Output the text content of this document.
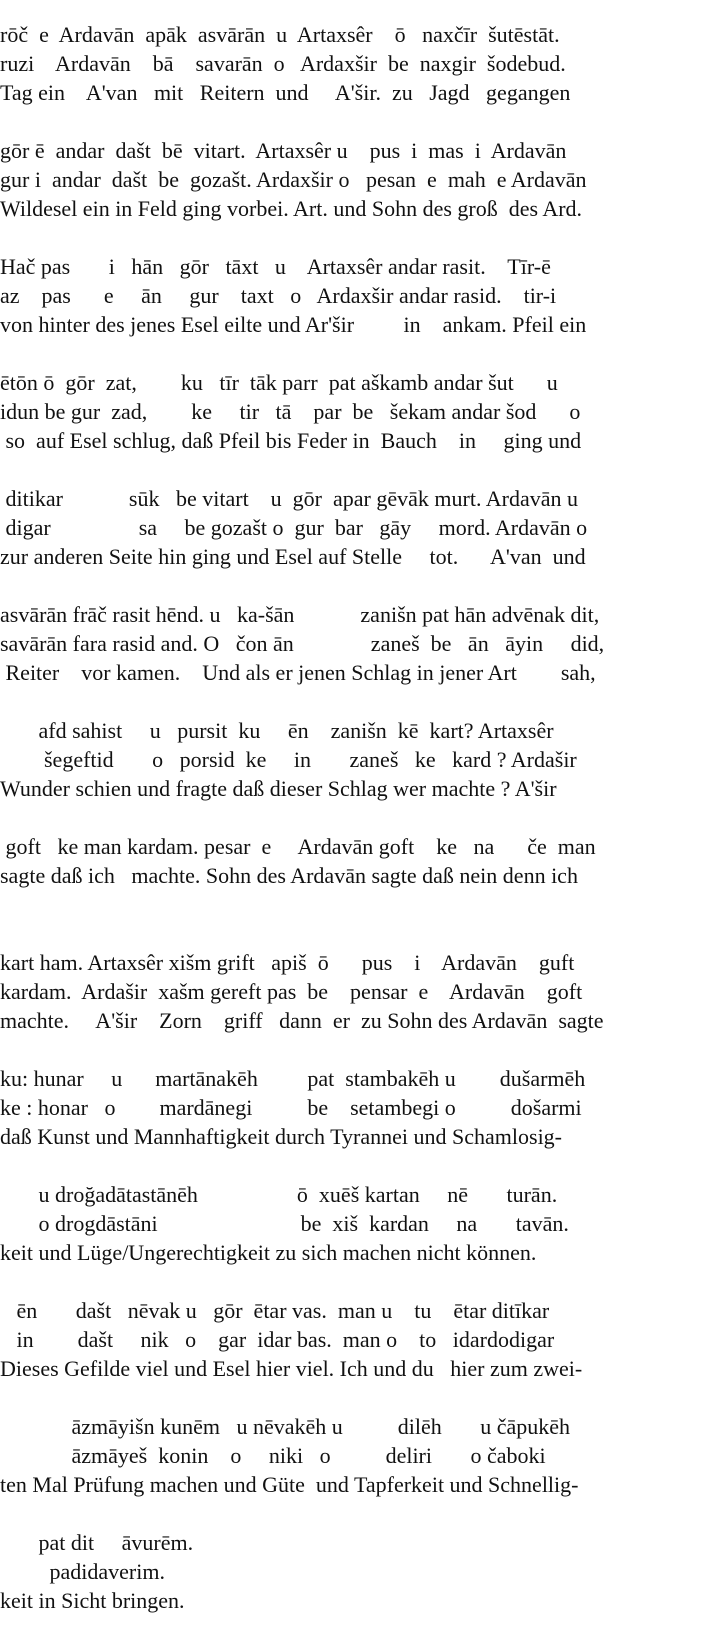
rōč  e  Ardavān  apāk  asvārān  u  Artaxsêr    ō   naxčīr  šutēstāt.
ruzi    Ardavān    bā    savarān  o   Ardaxšir  be  naxgir  šodebud.
Tag ein    A'van   mit   Reitern  und     A'šir.  zu   Jagd   gegangen
gōr ē  andar  dašt  bē  vitart.  Artaxsêr u    pus  i  mas  i  Ardavān
gur i  andar  dašt  be  gozašt. Ardaxšir o   pesan  e  mah  e Ardavān
Wildesel ein in Feld ging vorbei. Art. und Sohn des groß  des Ard.
Hač pas       i   hān   gōr   tāxt   u    Artaxsêr andar rasit.    Tīr-ē
az    pas      e     ān     gur    taxt   o   Ardaxšir andar rasid.    tir-i
von hinter des jenes Esel eilte und Ar'šir         in    ankam. Pfeil ein
ētōn ō  gōr  zat,        ku   tīr  tāk parr  pat aškamb andar šut      u
idun be gur  zad,        ke     tir   tā    par  be   šekam andar šod      o
so  auf Esel schlug, daß Pfeil bis Feder in  Bauch    in     ging und
ditikar            sūk   be vitart    u  gōr  apar gēvāk murt. Ardavān u
digar                sa     be gozašt o  gur  bar   gāy     mord. Ardavān o
zur anderen Seite hin ging und Esel auf Stelle     tot.      A'van  und
asvārān frāč rasit hēnd. u   ka-šān            zanišn pat hān advēnak dit,
savārān fara rasid and. O   čon ān              zaneš  be   ān   āyin     did,
Reiter    vor kamen.    Und als er jenen Schlag in jener Art        sah,
afd sahist     u   pursit  ku     ēn    zanišn  kē  kart? Artaxsêr
šegeftid       o   porsid  ke     in       zaneš   ke   kard ? Ardašir
Wunder schien und fragte daß dieser Schlag wer machte ? A'šir
goft   ke man kardam. pesar  e     Ardavān goft    ke   na      če  man
sagte daß ich   machte. Sohn des Ardavān sagte daß nein denn ich
kart ham. Artaxsêr xišm grift   apiš  ō      pus    i    Ardavān    guft
kardam.  Ardašir  xašm gereft pas  be    pensar  e    Ardavān    goft
machte.     A'šir    Zorn    griff   dann  er  zu Sohn des Ardavān  sagte
ku: hunar     u      martānakēh         pat  stambakēh u        dušarmēh
ke : honar   o        mardānegi          be    setambegi o          došarmi
daß Kunst und Mannhaftigkeit durch Tyrannei und Schamlosig-
u droğadātastānēh                  ō  xuēš kartan     nē       turān.
o drogdāstāni                          be  xiš  kardan     na       tavān.
keit und Lüge/Ungerechtigkeit zu sich machen nicht können.
ēn       dašt   nēvak u   gōr  ētar vas.  man u    tu    ētar ditīkar
in        dašt     nik   o    gar  idar bas.  man o    to   idardodigar
Dieses Gefilde viel und Esel hier viel. Ich und du   hier zum zwei-
āzmāyišn kunēm   u nēvakēh u          dilēh       u čāpukēh
āzmāyeš  konin    o     niki   o          deliri       o čaboki
ten Mal Prüfung machen und Güte  und Tapferkeit und Schnellig-
pat dit     āvurēm.
padidaverim.
keit in Sicht bringen.
